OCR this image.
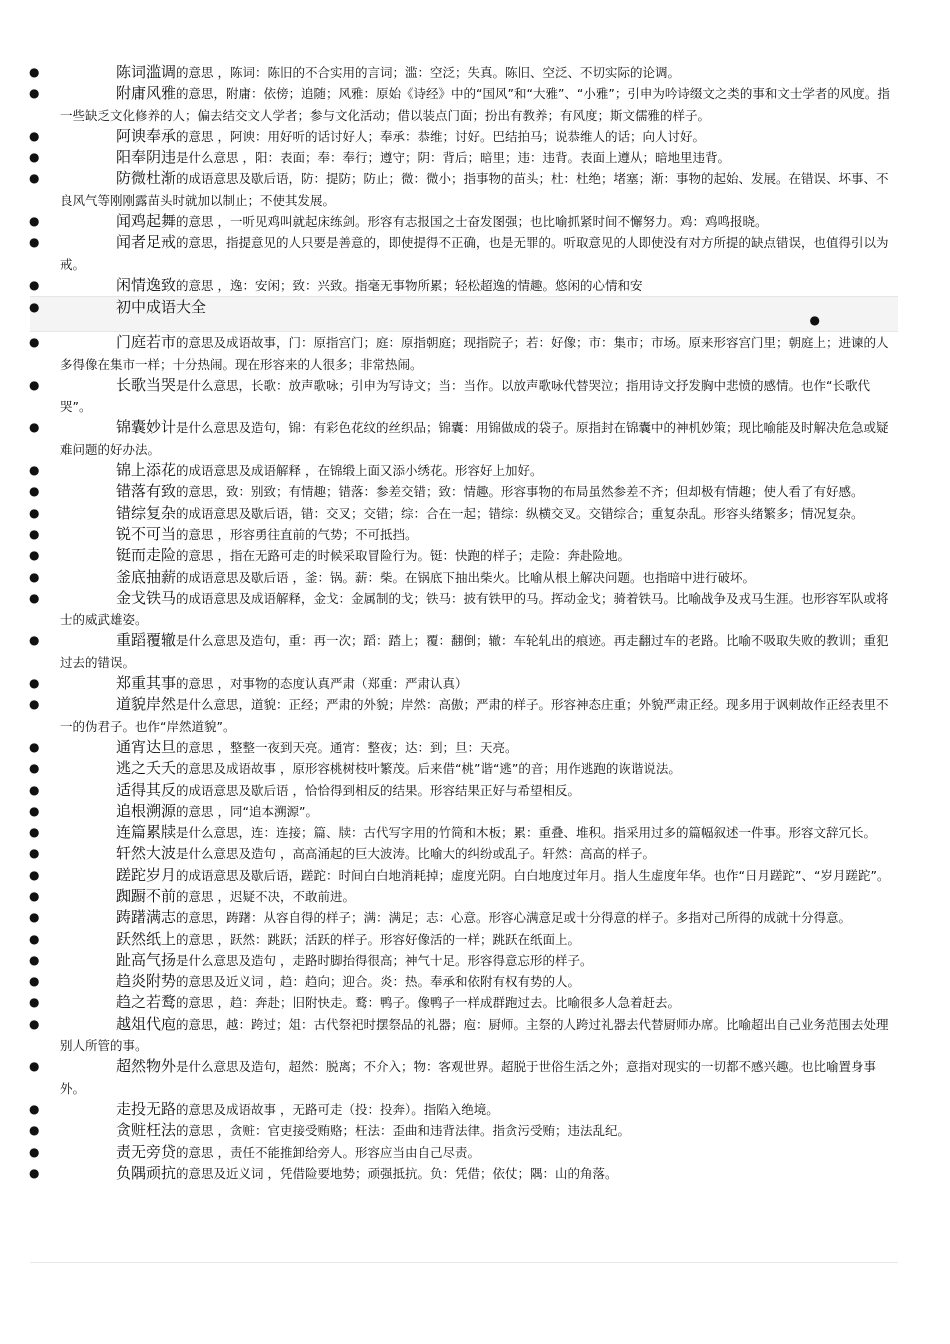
●	陈词滥调的意思 ，陈词：陈旧的不合实用的言词；滥：空泛；失真。陈旧、空泛、不切实际的论调。
●	附庸风雅的意思，附庸：依傍；追随；风雅：原始《诗经》中的“国风”和“大雅”、“小雅”；引申为吟诗缀文之类的事和文士学者的风度。指一些缺乏文化修养的人；偏去结交文人学者；参与文化活动；借以装点门面；扮出有教养；有风度；斯文儒雅的样子。
●	阿谀奉承的意思 ，阿谀：用好听的话讨好人；奉承：恭维；讨好。巴结拍马；说恭维人的话；向人讨好。
●	阳奉阴违是什么意思 ，阳：表面；奉：奉行；遵守；阴：背后；暗里；违：违背。表面上遵从；暗地里违背。
●	防微杜渐的成语意思及歇后语，防：提防；防止；微：微小；指事物的苗头；杜：杜绝；堵塞；渐：事物的起始、发展。在错误、坏事、不良风气等刚刚露苗头时就加以制止；不使其发展。
●	闻鸡起舞的意思 ，一听见鸡叫就起床练剑。形容有志报国之士奋发图强；也比喻抓紧时间不懈努力。鸡：鸡鸣报晓。
●	闻者足戒的意思，指提意见的人只要是善意的，即使提得不正确，也是无罪的。听取意见的人即使没有对方所提的缺点错误，也值得引以为戒。
●	闲情逸致的意思 ，逸：安闲；致：兴致。指毫无事物所累；轻松超逸的情趣。悠闲的心情和安
●	初中成语大全
●
●	门庭若市的意思及成语故事，门：原指宫门；庭：原指朝庭；现指院子；若：好像；市：集市；市场。原来形容宫门里；朝庭上；进谏的人多得像在集市一样；十分热闹。现在形容来的人很多；非常热闹。
●	长歌当哭是什么意思，长歌：放声歌咏；引申为写诗文；当：当作。以放声歌咏代替哭泣；指用诗文抒发胸中悲愤的感情。也作“长歌代哭”。
●	锦囊妙计是什么意思及造句，锦：有彩色花纹的丝织品；锦囊：用锦做成的袋子。原指封在锦囊中的神机妙策；现比喻能及时解决危急或疑难问题的好办法。
●	锦上添花的成语意思及成语解释 ，在锦缎上面又添小绣花。形容好上加好。
●	错落有致的意思，致：别致；有情趣；错落：参差交错；致：情趣。形容事物的布局虽然参差不齐；但却极有情趣；使人看了有好感。
●	错综复杂的成语意思及歇后语，错：交叉；交错；综：合在一起；错综：纵横交叉。交错综合；重复杂乱。形容头绪繁多；情况复杂。
●	锐不可当的意思 ，形容勇往直前的气势；不可抵挡。
●	铤而走险的意思 ，指在无路可走的时候采取冒险行为。铤：快跑的样子；走险：奔赴险地。
●	釜底抽薪的成语意思及歇后语 ，釜：锅。薪：柴。在锅底下抽出柴火。比喻从根上解决问题。也指暗中进行破坏。
●	金戈铁马的成语意思及成语解释，金戈：金属制的戈；铁马：披有铁甲的马。挥动金戈；骑着铁马。比喻战争及戎马生涯。也形容军队或将士的威武雄姿。
●	重蹈覆辙是什么意思及造句，重：再一次；蹈：踏上；覆：翻倒；辙：车轮轧出的痕迹。再走翻过车的老路。比喻不吸取失败的教训；重犯过去的错误。
●	郑重其事的意思 ，对事物的态度认真严肃（郑重：严肃认真）
●	道貌岸然是什么意思，道貌：正经；严肃的外貌；岸然：高傲；严肃的样子。形容神态庄重；外貌严肃正经。现多用于讽刺故作正经表里不一的伪君子。也作“岸然道貌”。
●	通宵达旦的意思 ，整整一夜到天亮。通宵：整夜；达：到；旦：天亮。
●	逃之夭夭的意思及成语故事 ，原形容桃树枝叶繁茂。后来借“桃”谐“逃”的音；用作逃跑的诙谐说法。
●	适得其反的成语意思及歇后语 ，恰恰得到相反的结果。形容结果正好与希望相反。
●	追根溯源的意思 ，同“追本溯源”。
●	连篇累牍是什么意思，连：连接；篇、牍：古代写字用的竹简和木板；累：重叠、堆积。指采用过多的篇幅叙述一件事。形容文辞冗长。
●	轩然大波是什么意思及造句 ，高高涌起的巨大波涛。比喻大的纠纷或乱子。轩然：高高的样子。
●	蹉跎岁月的成语意思及歇后语，蹉跎：时间白白地消耗掉；虚度光阴。白白地度过年月。指人生虚度年华。也作“日月蹉跎”、“岁月蹉跎”。
●	踟蹰不前的意思 ，迟疑不决，不敢前进。
●	踌躇满志的意思，踌躇：从容自得的样子；满：满足；志：心意。形容心满意足或十分得意的样子。多指对己所得的成就十分得意。
●	跃然纸上的意思 ，跃然：跳跃；活跃的样子。形容好像活的一样；跳跃在纸面上。
●	趾高气扬是什么意思及造句 ，走路时脚抬得很高；神气十足。形容得意忘形的样子。
●	趋炎附势的意思及近义词 ，趋：趋向；迎合。炎：热。奉承和依附有权有势的人。
●	趋之若鹜的意思 ，趋：奔赴；旧附快走。鹜：鸭子。像鸭子一样成群跑过去。比喻很多人急着赶去。
●	越俎代庖的意思，越：跨过；俎：古代祭祀时摆祭品的礼器；庖：厨师。主祭的人跨过礼器去代替厨师办席。比喻超出自己业务范围去处理别人所管的事。
●	超然物外是什么意思及造句，超然：脱离；不介入；物：客观世界。超脱于世俗生活之外；意指对现实的一切都不感兴趣。也比喻置身事外。
●	走投无路的意思及成语故事 ，无路可走（投：投奔）。指陷入绝境。
●	贪赃枉法的意思 ，贪赃：官吏接受贿赂；枉法：歪曲和违背法律。指贪污受贿；违法乱纪。
●	责无旁贷的意思 ，责任不能推卸给旁人。形容应当由自己尽责。
●	负隅顽抗的意思及近义词 ，凭借险要地势；顽强抵抗。负：凭借；依仗；隅：山的角落。
